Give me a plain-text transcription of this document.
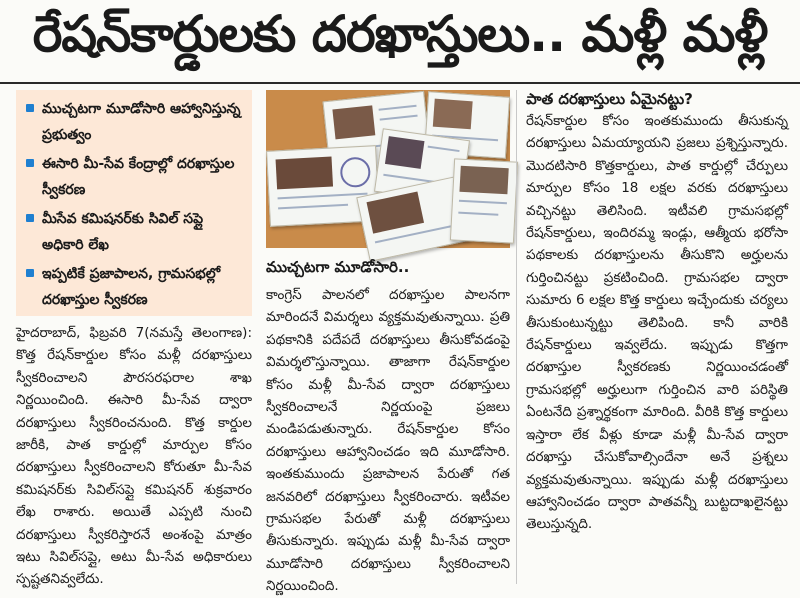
రేషన్‌కార్డులకు దరఖాస్తులు.. మళ్లీ మళ్లీ
ముచ్చటగా మూడోసారి ఆహ్వానిస్తున్న ప్రభుత్వం
ఈసారి మీ-సేవ కేంద్రాల్లో దరఖాస్తుల స్వీకరణ
మీసేవ కమిషనర్‌కు సివిల్ సప్లై అధికారి లేఖ
ఇప్పటికే ప్రజాపాలన, గ్రామసభల్లో దరఖాస్తుల స్వీకరణ
హైదరాబాద్, ఫిబ్రవరి 7(నమస్తే తెలంగాణ): కొత్త రేషన్‌కార్డుల కోసం మళ్లీ దరఖాస్తులు స్వీకరించాలని పౌరసరఫరాల శాఖ నిర్ణయించింది. ఈసారి మీ-సేవ ద్వారా దరఖాస్తులు స్వీకరించనుంది. కొత్త కార్డుల జారీకి, పాత కార్డుల్లో మార్పుల కోసం దరఖాస్తులు స్వీకరించాలని కోరుతూ మీ-సేవ కమిషనర్‌కు సివిల్‌సప్లై కమిషనర్ శుక్రవారం లేఖ రాశారు. అయితే ఎప్పటి నుంచి దరఖాస్తులు స్వీకరిస్తారనే అంశంపై మాత్రం ఇటు సివిల్‌సప్లై, అటు మీ-సేవ అధికారులు స్పష్టతనివ్వలేదు.
ముచ్చటగా మూడోసారి..
కాంగ్రెస్ పాలనలో దరఖాస్తుల పాలనగా మారిందనే విమర్శలు వ్యక్తమవుతున్నాయి. ప్రతి పథకానికి పదేపదే దరఖాస్తులు తీసుకోవడంపై విమర్శలొస్తున్నాయి. తాజాగా రేషన్‌కార్డుల కోసం మళ్లీ మీ-సేవ ద్వారా దరఖాస్తులు స్వీకరించాలనే నిర్ణయంపై ప్రజలు మండిపడుతున్నారు. రేషన్‌కార్డుల కోసం దరఖాస్తులు ఆహ్వానించడం ఇది మూడోసారి. ఇంతకుముందు ప్రజాపాలన పేరుతో గత జనవరిలో దరఖాస్తులు స్వీకరించారు. ఇటీవల గ్రామసభల పేరుతో మళ్లీ దరఖాస్తులు తీసుకున్నారు. ఇప్పుడు మళ్లీ మీ-సేవ ద్వారా మూడోసారి దరఖాస్తులు స్వీకరించాలని నిర్ణయించింది.
పాత దరఖాస్తులు ఏమైనట్టు?
రేషన్‌కార్డుల కోసం ఇంతకుముందు తీసుకున్న దరఖాస్తులు ఏమయ్యాయని ప్రజలు ప్రశ్నిస్తున్నారు. మొదటిసారి కొత్తకార్డులు, పాత కార్డుల్లో చేర్పులు మార్పుల కోసం 18 లక్షల వరకు దరఖాస్తులు వచ్చినట్టు తెలిసింది. ఇటీవలి గ్రామసభల్లో రేషన్‌కార్డులు, ఇందిరమ్మ ఇండ్లు, ఆత్మీయ భరోసా పథకాలకు దరఖాస్తులను తీసుకొని అర్హులను గుర్తించినట్టు ప్రకటించింది. గ్రామసభల ద్వారా సుమారు 6 లక్షల కొత్త కార్డులు ఇచ్చేందుకు చర్యలు తీసుకుంటున్నట్టు తెలిపింది. కానీ వారికి రేషన్‌కార్డులు ఇవ్వలేదు. ఇప్పుడు కొత్తగా దరఖాస్తుల స్వీకరణకు నిర్ణయించడంతో గ్రామసభల్లో అర్హులుగా గుర్తించిన వారి పరిస్థితి ఏంటనేది ప్రశ్నార్థకంగా మారింది. వీరికి కొత్త కార్డులు ఇస్తారా లేక వీళ్లు కూడా మళ్లీ మీ-సేవ ద్వారా దరఖాస్తు చేసుకోవాల్సిందేనా అనే ప్రశ్నలు వ్యక్తమవుతున్నాయి. ఇప్పుడు మళ్లీ దరఖాస్తులు ఆహ్వానించడం ద్వారా పాతవన్నీ బుట్టదాఖలైనట్టు తెలుస్తున్నది.
